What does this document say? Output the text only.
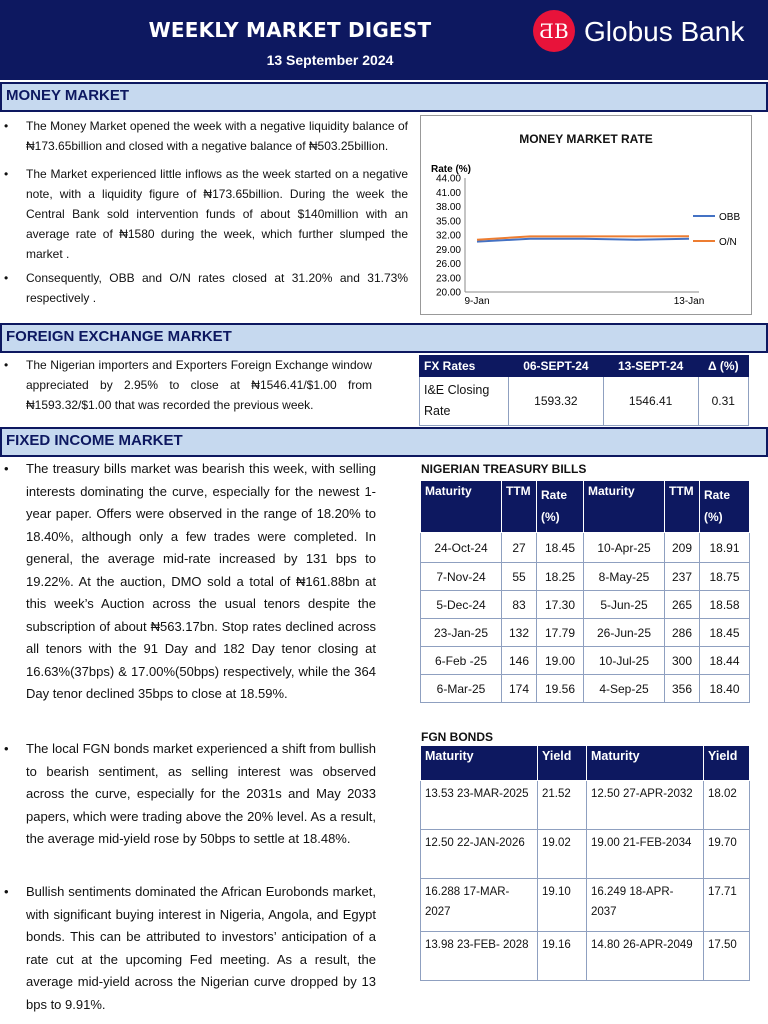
WEEKLY MARKET DIGEST
13 September 2024
ƋB Globus Bank
MONEY MARKET
• The Money Market opened the week with a negative liquidity balance of ₦173.65billion and closed with a negative balance of ₦503.25billion.
• The Market experienced little inflows as the week started on a negative note, with a liquidity figure of ₦173.65billion. During the week the Central Bank sold intervention funds of about $140million with an average rate of ₦1580 during the week, which further slumped the market .
• Consequently, OBB and O/N rates closed at 31.20% and 31.73% respectively .
MONEY MARKET RATE
Rate (%)
44.00
41.00
38.00
35.00
32.00
29.00
26.00
23.00
20.00
9-Jan	13-Jan
OBB
O/N
FOREIGN EXCHANGE MARKET
• The Nigerian importers and Exporters Foreign Exchange window appreciated by 2.95% to close at ₦1546.41/$1.00 from ₦1593.32/$1.00 that was recorded the previous week.
FX Rates	06-SEPT-24	13-SEPT-24	Δ (%)
I&E Closing Rate	1593.32	1546.41	0.31
FIXED INCOME MARKET
• The treasury bills market was bearish this week, with selling interests dominating the curve, especially for the newest 1-year paper. Offers were observed in the range of 18.20% to 18.40%, although only a few trades were completed. In general, the average mid-rate increased by 131 bps to 19.22%. At the auction, DMO sold a total of ₦161.88bn at this week’s Auction across the usual tenors despite the subscription of about ₦563.17bn. Stop rates declined across all tenors with the 91 Day and 182 Day tenor closing at 16.63%(37bps) & 17.00%(50bps) respectively, while the 364 Day tenor declined 35bps to close at 18.59%.
• The local FGN bonds market experienced a shift from bullish to bearish sentiment, as selling interest was observed across the curve, especially for the 2031s and May 2033 papers, which were trading above the 20% level. As a result, the average mid-yield rose by 50bps to settle at 18.48%.
• Bullish sentiments dominated the African Eurobonds market, with significant buying interest in Nigeria, Angola, and Egypt bonds. This can be attributed to investors’ anticipation of a rate cut at the upcoming Fed meeting. As a result, the average mid-yield across the Nigerian curve dropped by 13 bps to 9.91%.
NIGERIAN TREASURY BILLS
Maturity	TTM	Rate (%)	Maturity	TTM	Rate (%)
24-Oct-24	27	18.45	10-Apr-25	209	18.91
7-Nov-24	55	18.25	8-May-25	237	18.75
5-Dec-24	83	17.30	5-Jun-25	265	18.58
23-Jan-25	132	17.79	26-Jun-25	286	18.45
6-Feb -25	146	19.00	10-Jul-25	300	18.44
6-Mar-25	174	19.56	4-Sep-25	356	18.40
FGN BONDS
Maturity	Yield	Maturity	Yield
13.53 23-MAR-2025	21.52	12.50 27-APR-2032	18.02
12.50 22-JAN-2026	19.02	19.00 21-FEB-2034	19.70
16.288 17-MAR-2027	19.10	16.249 18-APR-2037	17.71
13.98 23-FEB- 2028	19.16	14.80 26-APR-2049	17.50
